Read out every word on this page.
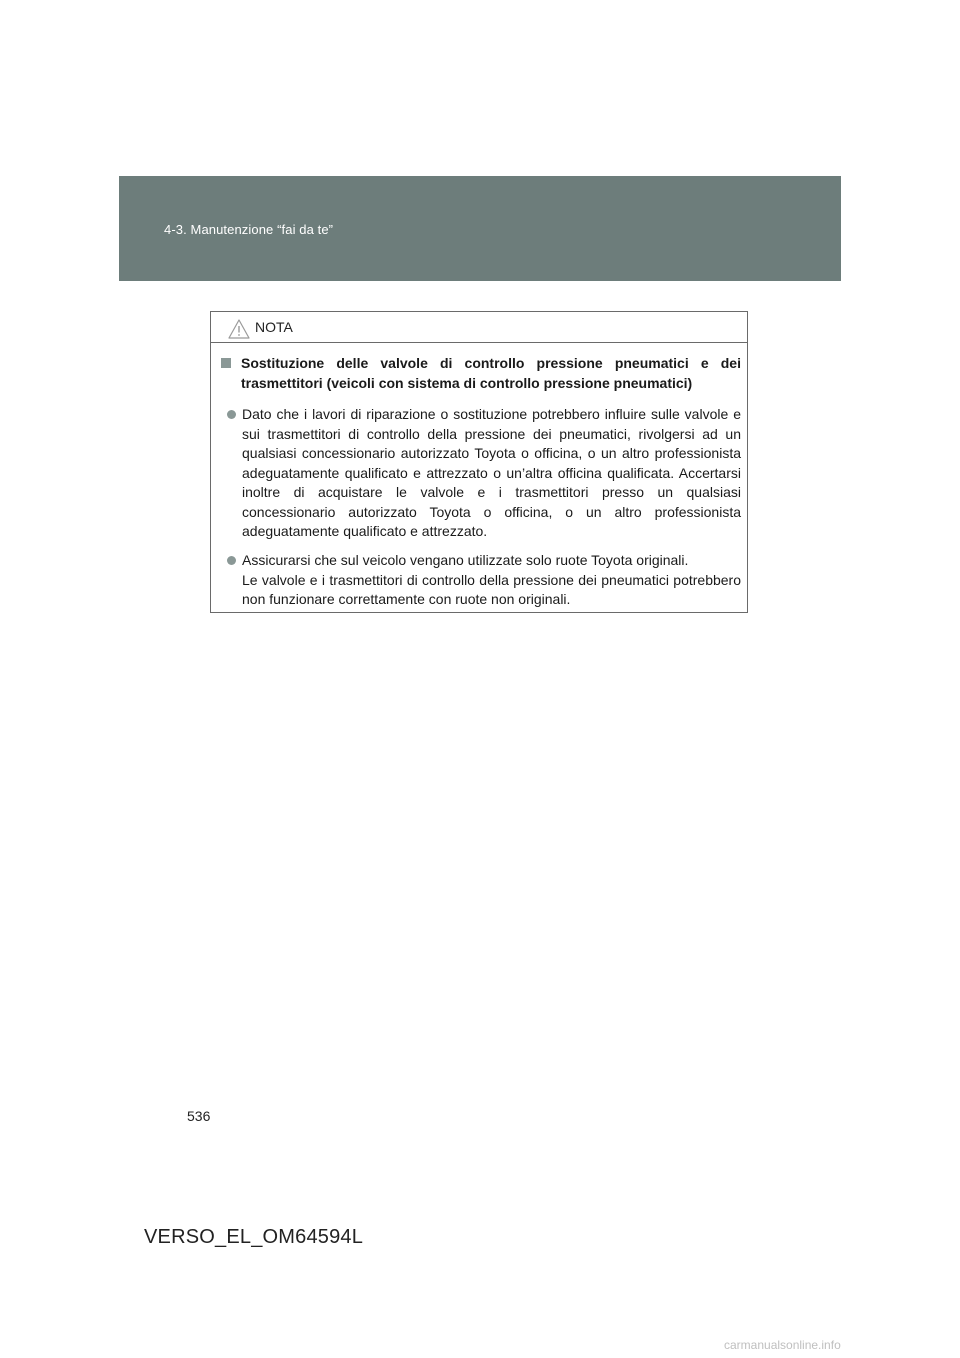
4-3. Manutenzione “fai da te”
NOTA
Sostituzione delle valvole di controllo pressione pneumatici e dei trasmettitori (veicoli con sistema di controllo pressione pneumatici)
Dato che i lavori di riparazione o sostituzione potrebbero influire sulle valvole e sui trasmettitori di controllo della pressione dei pneumatici, rivolgersi ad un qualsiasi concessionario autorizzato Toyota o officina, o un altro professionista adeguatamente qualificato e attrezzato o un’altra officina qualificata. Accertarsi inoltre di acquistare le valvole e i trasmettitori presso un qualsiasi concessionario autorizzato Toyota o officina, o un altro professionista adeguatamente qualificato e attrezzato.
Assicurarsi che sul veicolo vengano utilizzate solo ruote Toyota originali.
Le valvole e i trasmettitori di controllo della pressione dei pneumatici potrebbero non funzionare correttamente con ruote non originali.
536
VERSO_EL_OM64594L
carmanualsonline.info
